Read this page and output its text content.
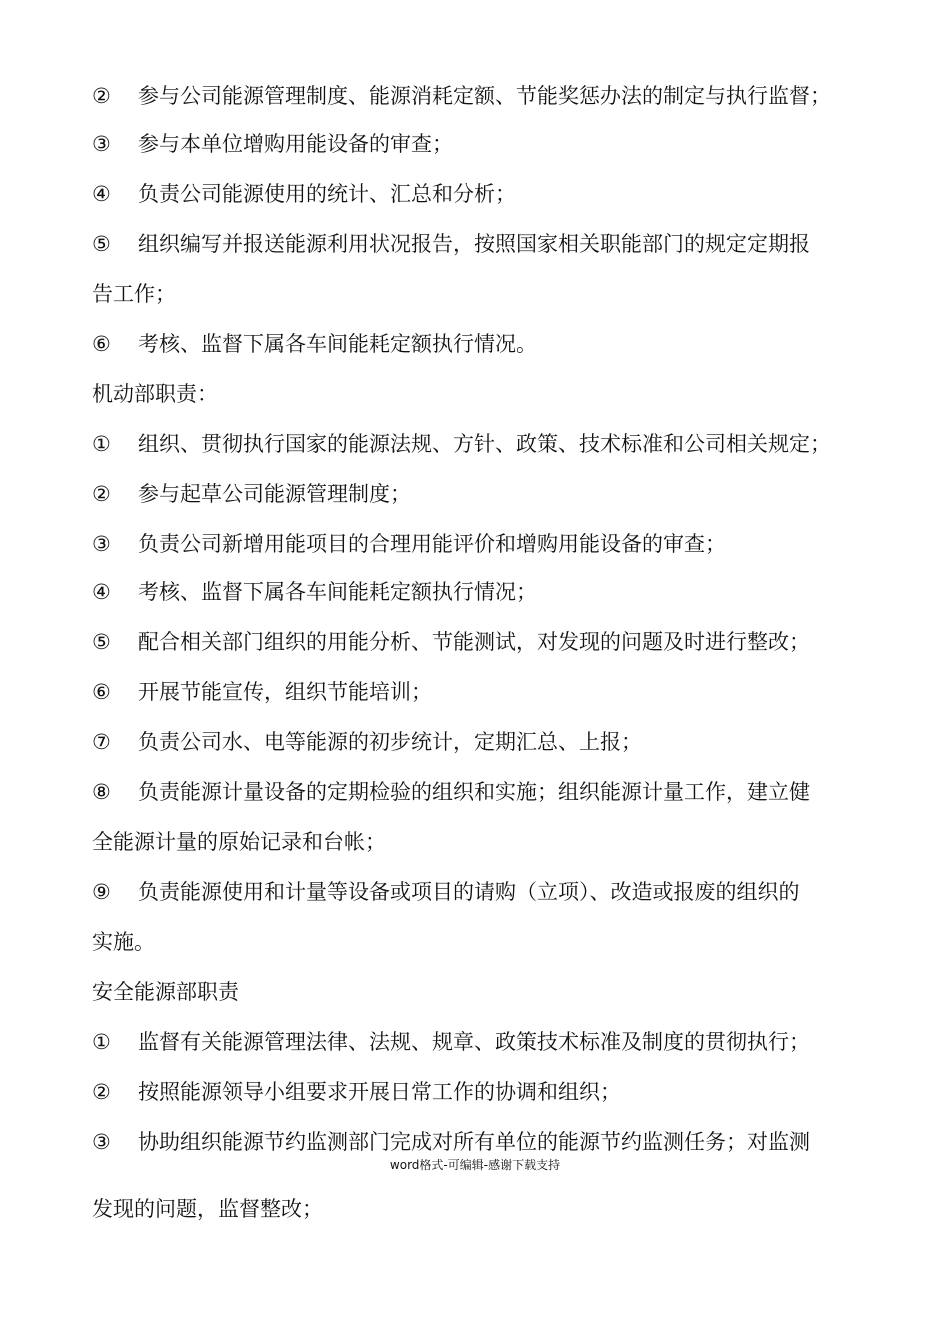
② 参与公司能源管理制度、能源消耗定额、节能奖惩办法的制定与执行监督；
③ 参与本单位增购用能设备的审查；
④ 负责公司能源使用的统计、汇总和分析；
⑤ 组织编写并报送能源利用状况报告，按照国家相关职能部门的规定定期报
告工作；
⑥ 考核、监督下属各车间能耗定额执行情况。
机动部职责：
① 组织、贯彻执行国家的能源法规、方针、政策、技术标准和公司相关规定；
② 参与起草公司能源管理制度；
③ 负责公司新增用能项目的合理用能评价和增购用能设备的审查；
④ 考核、监督下属各车间能耗定额执行情况；
⑤ 配合相关部门组织的用能分析、节能测试，对发现的问题及时进行整改；
⑥ 开展节能宣传，组织节能培训；
⑦ 负责公司水、电等能源的初步统计，定期汇总、上报；
⑧ 负责能源计量设备的定期检验的组织和实施；组织能源计量工作，建立健
全能源计量的原始记录和台帐；
⑨ 负责能源使用和计量等设备或项目的请购（立项）、改造或报废的组织的
实施。
安全能源部职责
① 监督有关能源管理法律、法规、规章、政策技术标准及制度的贯彻执行；
② 按照能源领导小组要求开展日常工作的协调和组织；
③ 协助组织能源节约监测部门完成对所有单位的能源节约监测任务；对监测
发现的问题，监督整改；
word格式-可编辑-感谢下载支持
